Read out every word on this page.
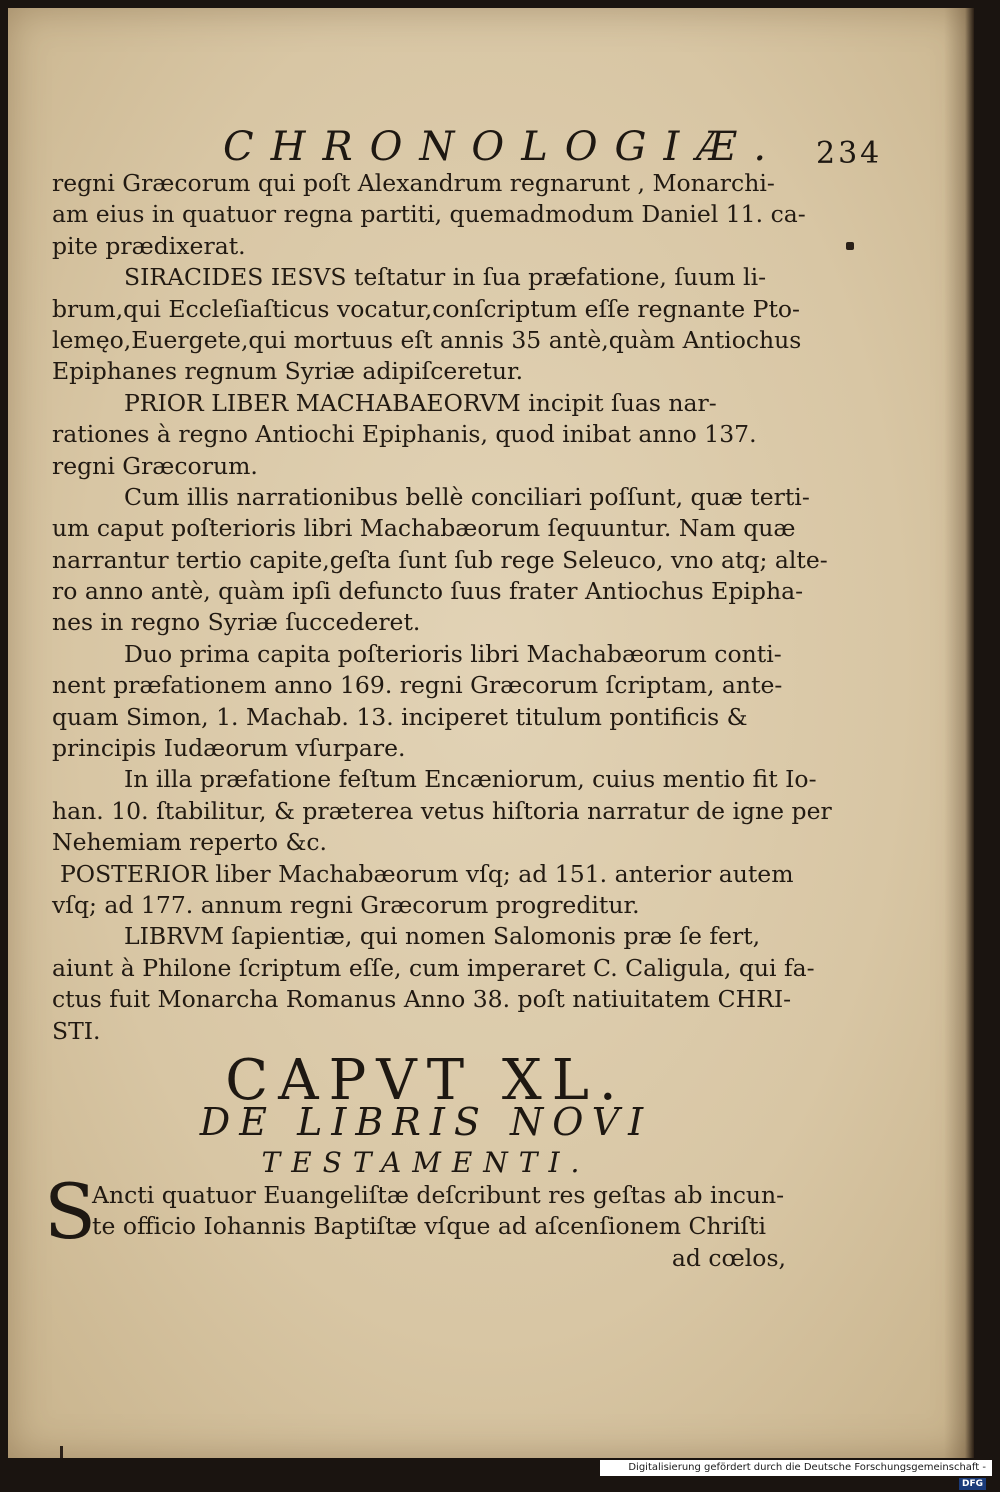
CHRONOLOGIÆ. 234
regni Græcorum qui poſt Alexandrum regnarunt , Monarchi-
am eius in quatuor regna partiti, quemadmodum Daniel 11. ca-
pite prædixerat.
SIRACIDES IESVS teſtatur in ſua præfatione, ſuum li-
brum,qui Eccleſiaſticus vocatur,conſcriptum eſſe regnante Pto-
lemęo,Euergete,qui mortuus eſt annis 35 antè,quàm Antiochus
Epiphanes regnum Syriæ adipiſceretur.
PRIOR LIBER MACHABAEORVM incipit ſuas nar-
rationes à regno Antiochi Epiphanis, quod inibat anno 137.
regni Græcorum.
Cum illis narrationibus bellè conciliari poſſunt, quæ terti-
um caput poſterioris libri Machabæorum ſequuntur. Nam quæ
narrantur tertio capite,geſta ſunt ſub rege Seleuco, vno atq; alte-
ro anno antè, quàm ipſi defuncto ſuus frater Antiochus Epipha-
nes in regno Syriæ ſuccederet.
Duo prima capita poſterioris libri Machabæorum conti-
nent præfationem anno 169. regni Græcorum ſcriptam, ante-
quam Simon, 1. Machab. 13. inciperet titulum pontificis &
principis Iudæorum vſurpare.
In illa præfatione feſtum Encæniorum, cuius mentio fit Io-
han. 10. ſtabilitur, & præterea vetus hiſtoria narratur de igne per
Nehemiam reperto &c.
POSTERIOR liber Machabæorum vſq; ad 151. anterior autem
vſq; ad 177. annum regni Græcorum progreditur.
LIBRVM ſapientiæ, qui nomen Salomonis præ ſe fert,
aiunt à Philone ſcriptum eſſe, cum imperaret C. Caligula, qui fa-
ctus fuit Monarcha Romanus Anno 38. poſt natiuitatem CHRI-
STI.
CAPVT XL.
DE LIBRIS NOVI
TESTAMENTI.
S
Ancti quatuor Euangeliſtæ deſcribunt res geſtas ab incun-
te officio Iohannis Baptiſtæ vſque ad aſcenſionem Chriſti
ad cœlos,
Digitalisierung gefördert durch die Deutsche Forschungsgemeinschaft -DFG
